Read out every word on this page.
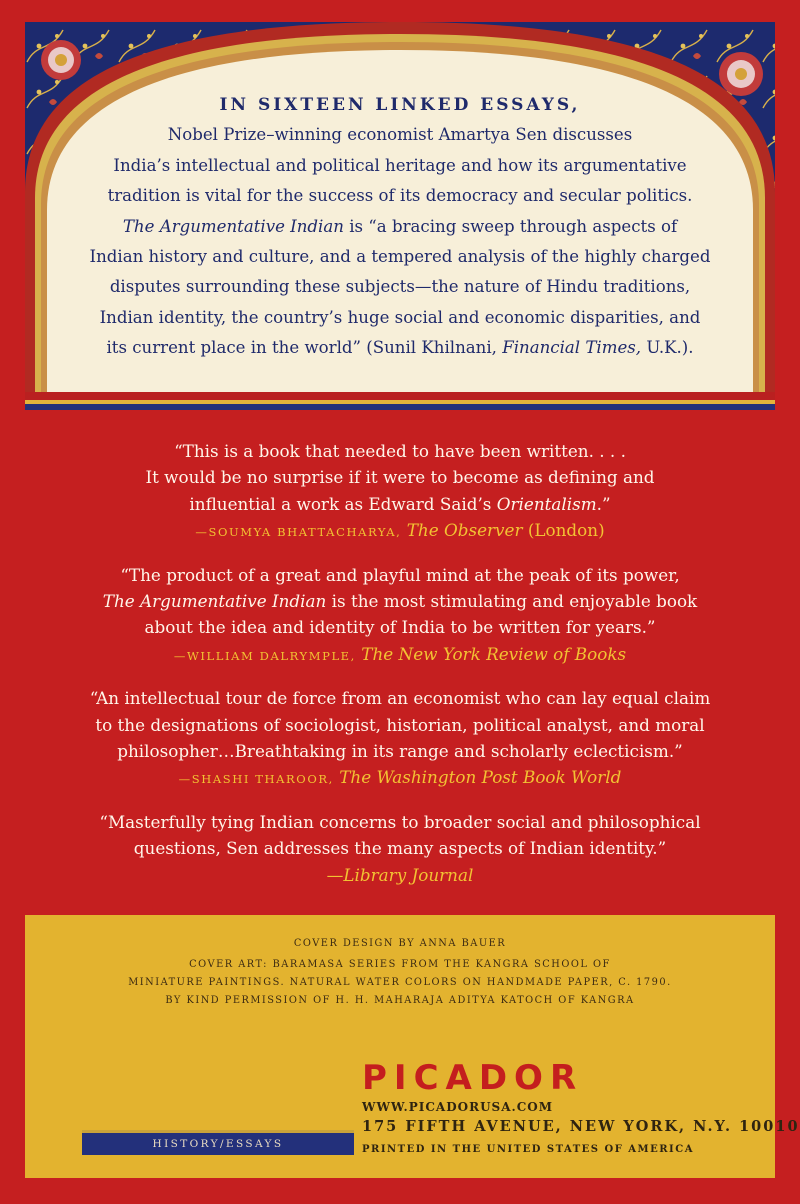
IN SIXTEEN LINKED ESSAYS,

Nobel Prize–winning economist Amartya Sen discusses

India’s intellectual and political heritage and how its argumentative

tradition is vital for the success of its democracy and secular politics.

The Argumentative Indian is “a bracing sweep through aspects of

Indian history and culture, and a tempered analysis of the highly charged

disputes surrounding these subjects—the nature of Hindu traditions,

Indian identity, the country’s huge social and economic disparities, and

its current place in the world” (Sunil Khilnani, Financial Times, U.K.).

“This is a book that needed to have been written. . . .

It would be no surprise if it were to become as defining and

influential a work as Edward Said’s Orientalism.”

—SOUMYA BHATTACHARYA, The Observer (London)

“The product of a great and playful mind at the peak of its power,

The Argumentative Indian is the most stimulating and enjoyable book

about the idea and identity of India to be written for years.”

—WILLIAM DALRYMPLE, The New York Review of Books

“An intellectual tour de force from an economist who can lay equal claim

to the designations of sociologist, historian, political analyst, and moral

philosopher…Breathtaking in its range and scholarly eclecticism.”

—SHASHI THAROOR, The Washington Post Book World

“Masterfully tying Indian concerns to broader social and philosophical

questions, Sen addresses the many aspects of Indian identity.”

—Library Journal

COVER DESIGN BY ANNA BAUER

COVER ART: BARAMASA SERIES FROM THE KANGRA SCHOOL OF

MINIATURE PAINTINGS. NATURAL WATER COLORS ON HANDMADE PAPER, C. 1790.

BY KIND PERMISSION OF H. H. MAHARAJA ADITYA KATOCH OF KANGRA

PICADOR
WWW.PICADORUSA.COM
175 FIFTH AVENUE, NEW YORK, N.Y. 10010
PRINTED IN THE UNITED STATES OF AMERICA
HISTORY/ESSAYS
